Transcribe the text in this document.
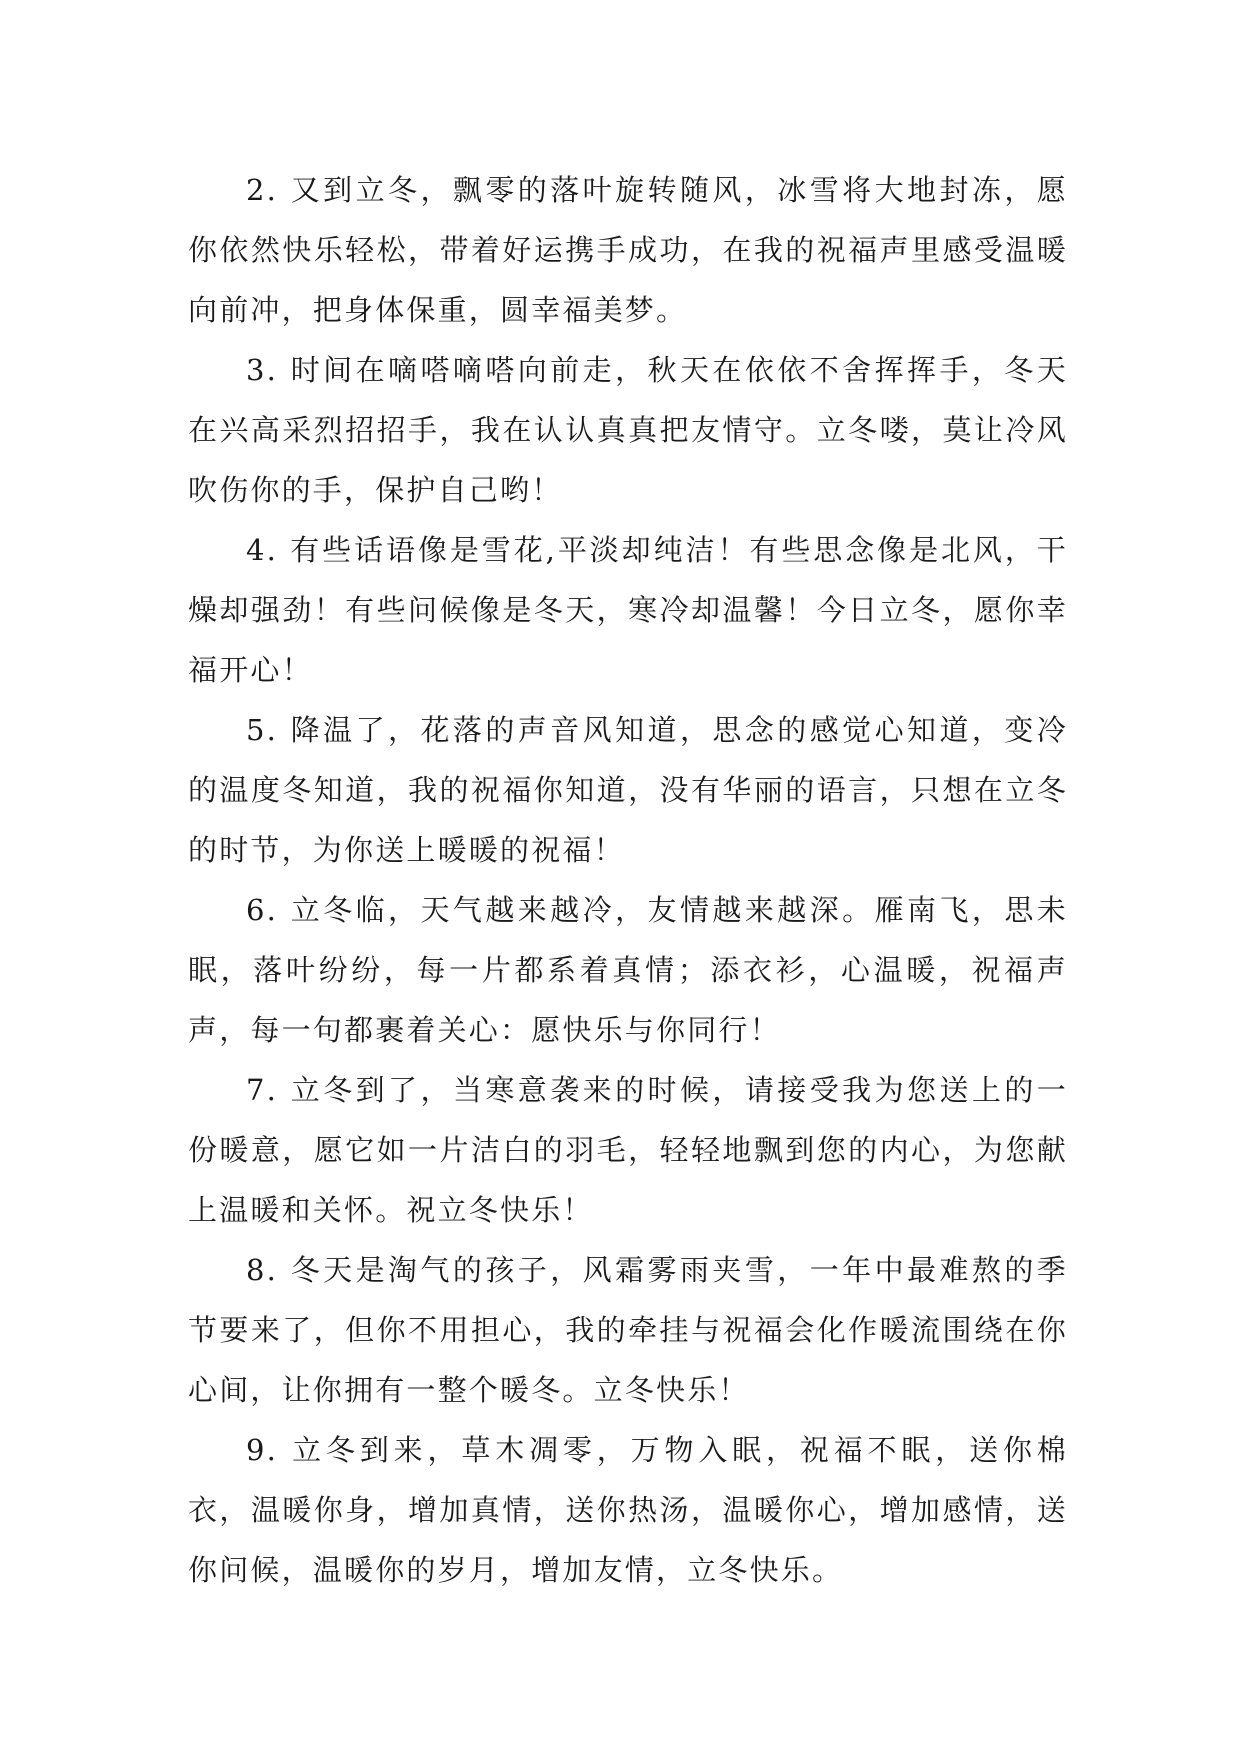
2. 又到立冬，飘零的落叶旋转随风，冰雪将大地封冻，愿你依然快乐轻松，带着好运携手成功，在我的祝福声里感受温暖向前冲，把身体保重，圆幸福美梦。

3. 时间在嘀嗒嘀嗒向前走，秋天在依依不舍挥挥手，冬天在兴高采烈招招手，我在认认真真把友情守。立冬喽，莫让冷风吹伤你的手，保护自己哟！

4. 有些话语像是雪花,平淡却纯洁！有些思念像是北风，干燥却强劲！有些问候像是冬天，寒冷却温馨！今日立冬，愿你幸福开心！

5. 降温了，花落的声音风知道，思念的感觉心知道，变冷的温度冬知道，我的祝福你知道，没有华丽的语言，只想在立冬的时节，为你送上暖暖的祝福！

6. 立冬临，天气越来越冷，友情越来越深。雁南飞，思未眠，落叶纷纷，每一片都系着真情；添衣衫，心温暖，祝福声声，每一句都裹着关心：愿快乐与你同行！

7. 立冬到了，当寒意袭来的时候，请接受我为您送上的一份暖意，愿它如一片洁白的羽毛，轻轻地飘到您的内心，为您献上温暖和关怀。祝立冬快乐！

8. 冬天是淘气的孩子，风霜雾雨夹雪，一年中最难熬的季节要来了，但你不用担心，我的牵挂与祝福会化作暖流围绕在你心间，让你拥有一整个暖冬。立冬快乐！

9. 立冬到来，草木凋零，万物入眠，祝福不眠，送你棉衣，温暖你身，增加真情，送你热汤，温暖你心，增加感情，送你问候，温暖你的岁月，增加友情，立冬快乐。
